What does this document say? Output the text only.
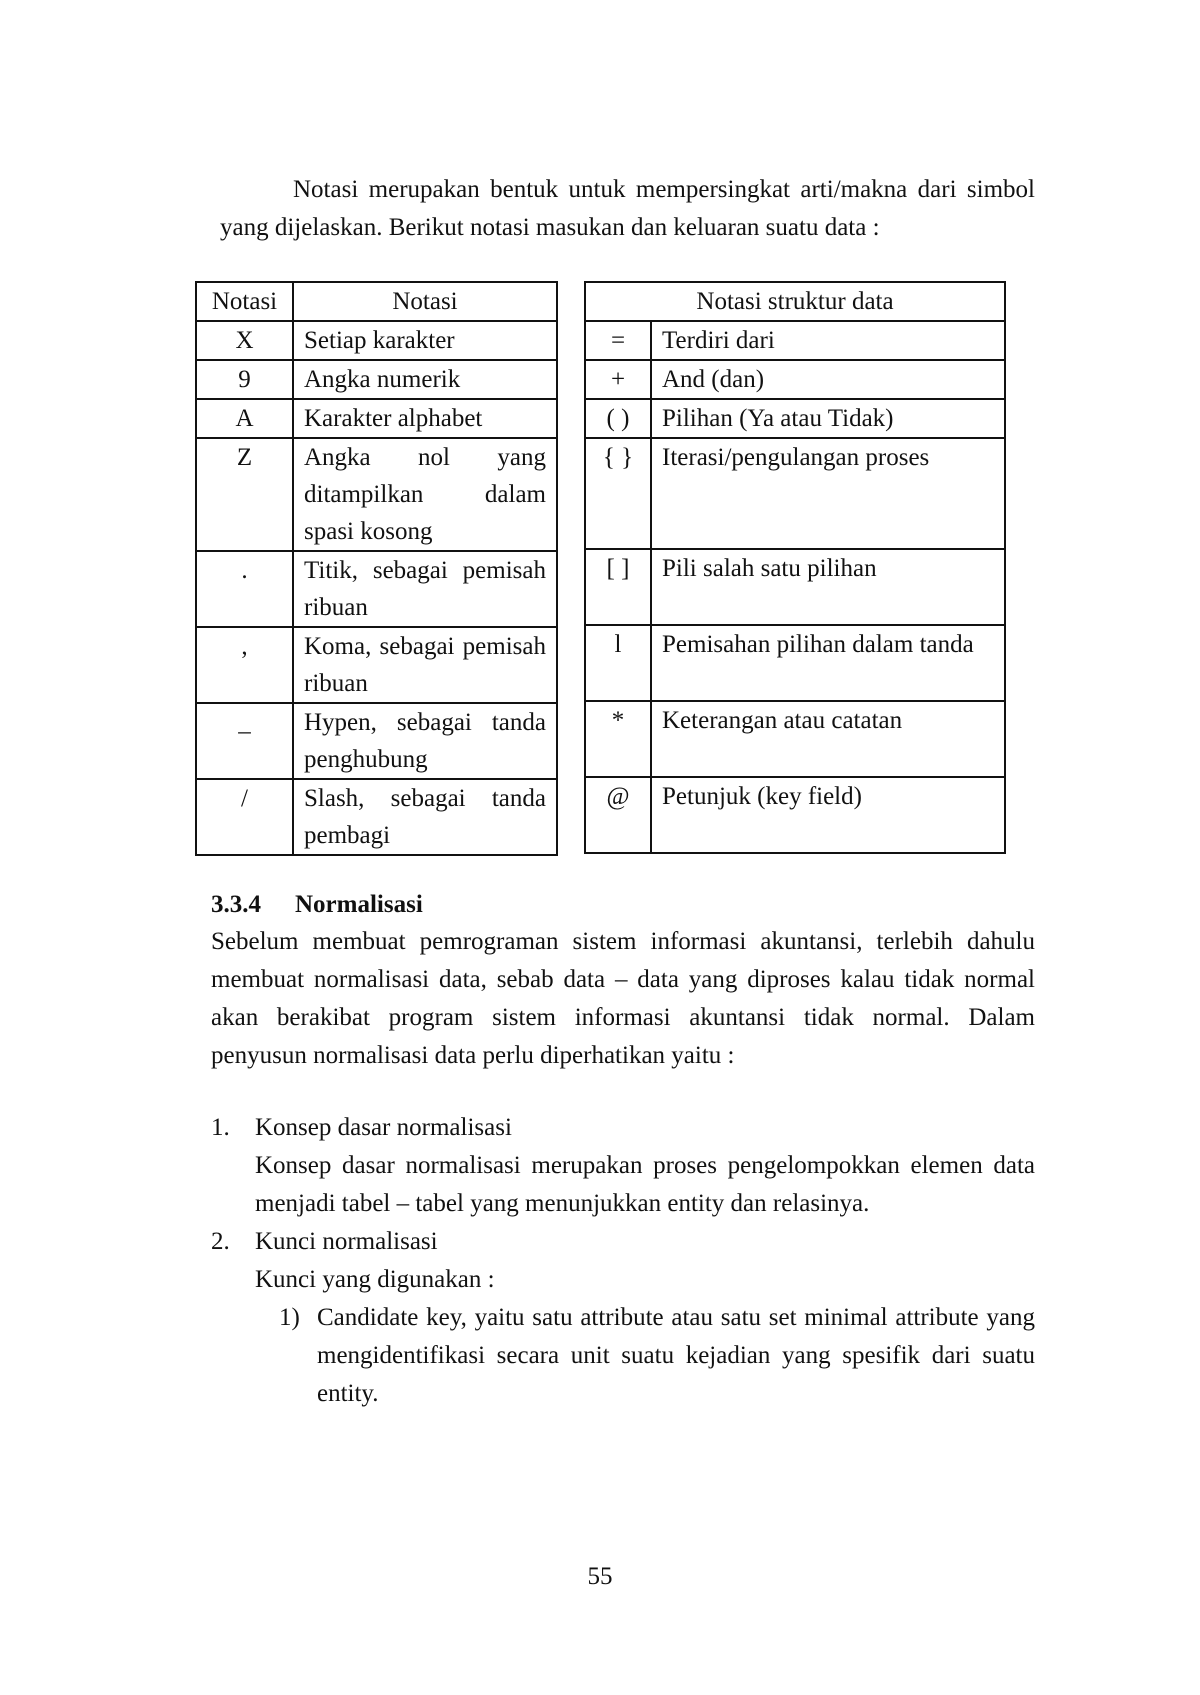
Notasi merupakan bentuk untuk mempersingkat arti/makna dari simbol yang dijelaskan. Berikut notasi masukan dan keluaran suatu data :

Notasi	Notasi
X	Setiap karakter
9	Angka numerik
A	Karakter alphabet
Z	Angka nol yang ditampilkan dalam spasi kosong
.	Titik, sebagai pemisah ribuan
,	Koma, sebagai pemisah ribuan
_	Hypen, sebagai tanda penghubung
/	Slash, sebagai tanda pembagi
Notasi struktur data	
=	Terdiri dari
+	And (dan)
( )	Pilihan (Ya atau Tidak)
{ }	Iterasi/pengulangan proses
[ ]	Pili salah satu pilihan
l	Pemisahan pilihan dalam tanda
*	Keterangan atau catatan
@	Petunjuk (key field)
3.3.4 Normalisasi

Sebelum membuat pemrograman sistem informasi akuntansi, terlebih dahulu membuat normalisasi data, sebab data – data yang diproses kalau tidak normal akan berakibat program sistem informasi akuntansi tidak normal. Dalam penyusun normalisasi data perlu diperhatikan yaitu :

1. Konsep dasar normalisasi

Konsep dasar normalisasi merupakan proses pengelompokkan elemen data menjadi tabel – tabel yang menunjukkan entity dan relasinya.

2. Kunci normalisasi

Kunci yang digunakan :

1) Candidate key, yaitu satu attribute atau satu set minimal attribute yang mengidentifikasi secara unit suatu kejadian yang spesifik dari suatu entity.

55
